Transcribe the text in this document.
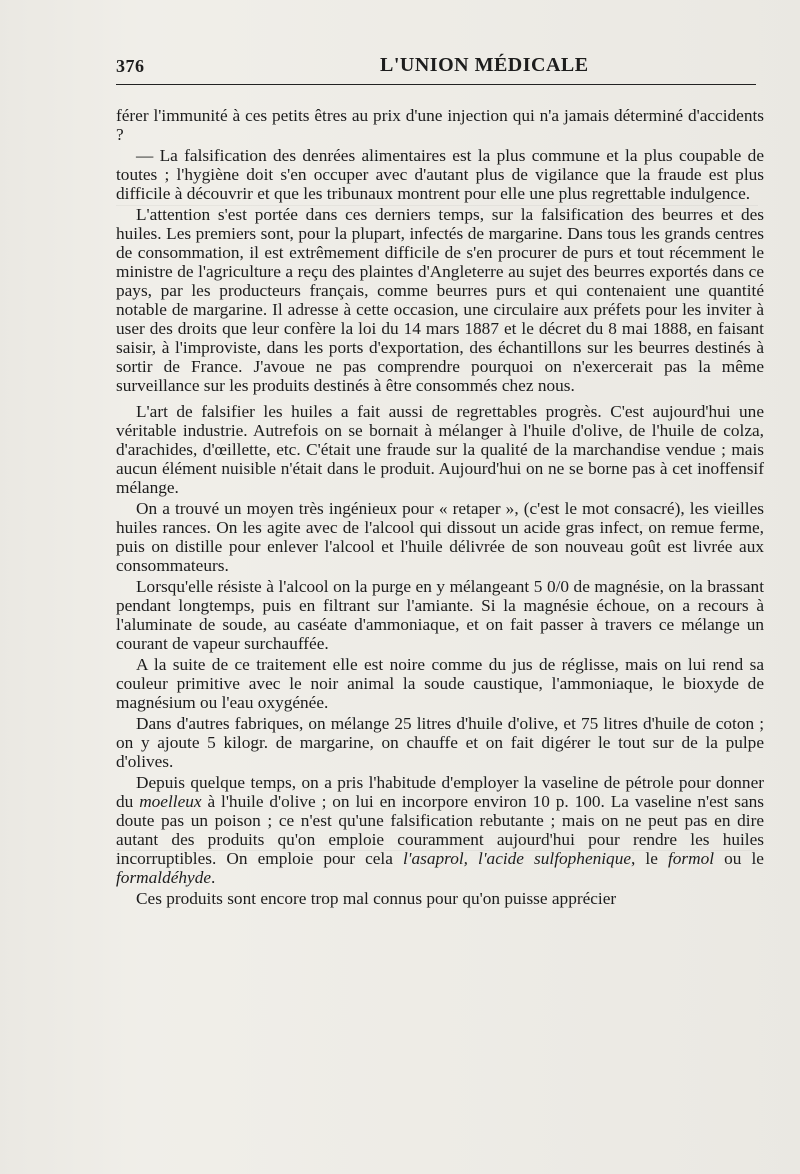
376	L'UNION MÉDICALE

férer l'immunité à ces petits êtres au prix d'une injection qui n'a jamais déterminé d'accidents ?

— La falsification des denrées alimentaires est la plus commune et la plus coupable de toutes ; l'hygiène doit s'en occuper avec d'autant plus de vigilance que la fraude est plus difficile à découvrir et que les tribunaux montrent pour elle une plus regrettable indulgence.

L'attention s'est portée dans ces derniers temps, sur la falsification des beurres et des huiles. Les premiers sont, pour la plupart, infectés de margarine. Dans tous les grands centres de consommation, il est extrêmement difficile de s'en procurer de purs et tout récemment le ministre de l'agriculture a reçu des plaintes d'Angleterre au sujet des beurres exportés dans ce pays, par les producteurs français, comme beurres purs et qui contenaient une quantité notable de margarine. Il adresse à cette occasion, une circulaire aux préfets pour les inviter à user des droits que leur confère la loi du 14 mars 1887 et le décret du 8 mai 1888, en faisant saisir, à l'improviste, dans les ports d'exportation, des échantillons sur les beurres destinés à sortir de France. J'avoue ne pas comprendre pourquoi on n'exercerait pas la même surveillance sur les produits destinés à être consommés chez nous.

L'art de falsifier les huiles a fait aussi de regrettables progrès. C'est aujourd'hui une véritable industrie. Autrefois on se bornait à mélanger à l'huile d'olive, de l'huile de colza, d'arachides, d'œillette, etc. C'était une fraude sur la qualité de la marchandise vendue ; mais aucun élément nuisible n'était dans le produit. Aujourd'hui on ne se borne pas à cet inoffensif mélange.

On a trouvé un moyen très ingénieux pour « retaper », (c'est le mot consacré), les vieilles huiles rances. On les agite avec de l'alcool qui dissout un acide gras infect, on remue ferme, puis on distille pour enlever l'alcool et l'huile délivrée de son nouveau goût est livrée aux consommateurs.

Lorsqu'elle résiste à l'alcool on la purge en y mélangeant 5 0/0 de magnésie, on la brassant pendant longtemps, puis en filtrant sur l'amiante. Si la magnésie échoue, on a recours à l'aluminate de soude, au caséate d'ammoniaque, et on fait passer à travers ce mélange un courant de vapeur surchauffée.

A la suite de ce traitement elle est noire comme du jus de réglisse, mais on lui rend sa couleur primitive avec le noir animal la soude caustique, l'ammoniaque, le bioxyde de magnésium ou l'eau oxygénée.

Dans d'autres fabriques, on mélange 25 litres d'huile d'olive, et 75 litres d'huile de coton ; on y ajoute 5 kilogr. de margarine, on chauffe et on fait digérer le tout sur de la pulpe d'olives.

Depuis quelque temps, on a pris l'habitude d'employer la vaseline de pétrole pour donner du moelleux à l'huile d'olive ; on lui en incorpore environ 10 p. 100. La vaseline n'est sans doute pas un poison ; ce n'est qu'une falsification rebutante ; mais on ne peut pas en dire autant des produits qu'on emploie couramment aujourd'hui pour rendre les huiles incorruptibles. On emploie pour cela l'asaprol, l'acide sulfophenique, le formol ou le formaldéhyde.

Ces produits sont encore trop mal connus pour qu'on puisse apprécier
